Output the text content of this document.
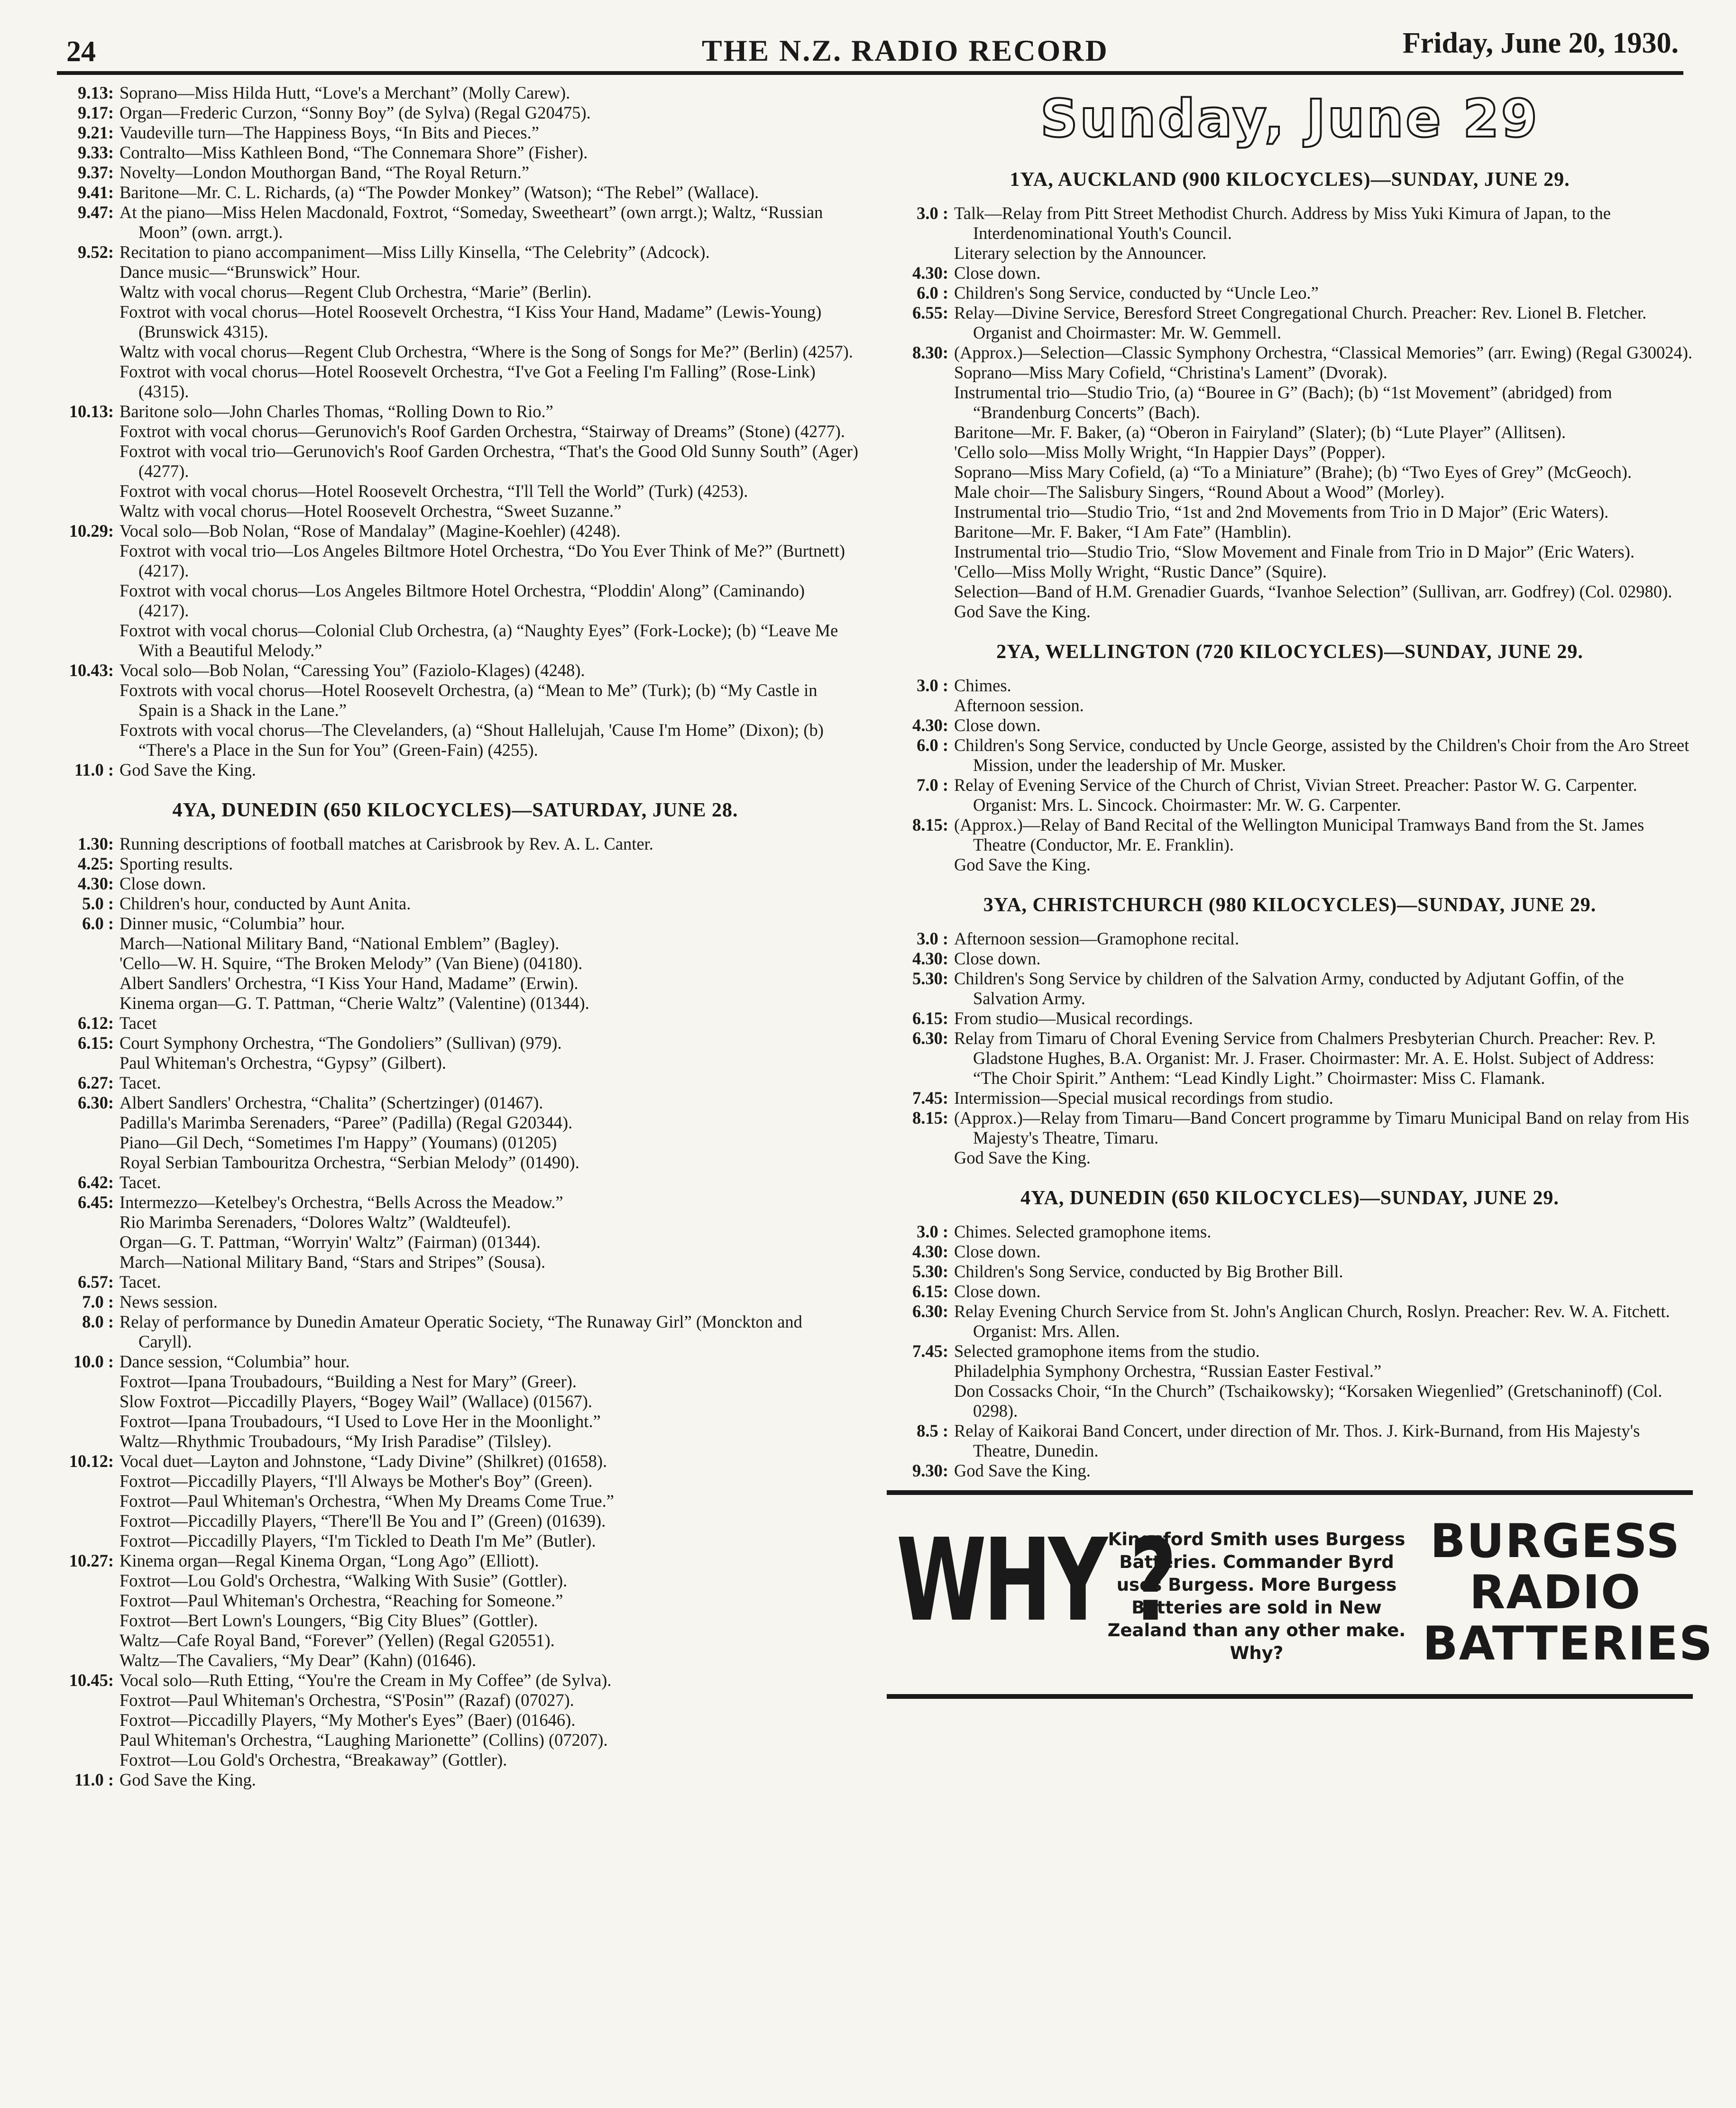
24	THE N.Z. RADIO RECORD	Friday, June 20, 1930.
9.13: Soprano—Miss Hilda Hutt, “Love's a Merchant” (Molly Carew).
9.17: Organ—Frederic Curzon, “Sonny Boy” (de Sylva) (Regal G20475).
9.21: Vaudeville turn—The Happiness Boys, “In Bits and Pieces.”
9.33: Contralto—Miss Kathleen Bond, “The Connemara Shore” (Fisher).
9.37: Novelty—London Mouthorgan Band, “The Royal Return.”
9.41: Baritone—Mr. C. L. Richards, (a) “The Powder Monkey” (Watson); “The Rebel” (Wallace).
9.47: At the piano—Miss Helen Macdonald, Foxtrot, “Someday, Sweetheart” (own arrgt.); Waltz, “Russian Moon” (own. arrgt.).
9.52: Recitation to piano accompaniment—Miss Lilly Kinsella, “The Celebrity” (Adcock).
Dance music—“Brunswick” Hour.
Waltz with vocal chorus—Regent Club Orchestra, “Marie” (Berlin).
Foxtrot with vocal chorus—Hotel Roosevelt Orchestra, “I Kiss Your Hand, Madame” (Lewis-Young) (Brunswick 4315).
Waltz with vocal chorus—Regent Club Orchestra, “Where is the Song of Songs for Me?” (Berlin) (4257).
Foxtrot with vocal chorus—Hotel Roosevelt Orchestra, “I've Got a Feeling I'm Falling” (Rose-Link) (4315).
10.13: Baritone solo—John Charles Thomas, “Rolling Down to Rio.”
Foxtrot with vocal chorus—Gerunovich's Roof Garden Orchestra, “Stairway of Dreams” (Stone) (4277).
Foxtrot with vocal trio—Gerunovich's Roof Garden Orchestra, “That's the Good Old Sunny South” (Ager) (4277).
Foxtrot with vocal chorus—Hotel Roosevelt Orchestra, “I'll Tell the World” (Turk) (4253).
Waltz with vocal chorus—Hotel Roosevelt Orchestra, “Sweet Suzanne.”
10.29: Vocal solo—Bob Nolan, “Rose of Mandalay” (Magine-Koehler) (4248).
Foxtrot with vocal trio—Los Angeles Biltmore Hotel Orchestra, “Do You Ever Think of Me?” (Burtnett) (4217).
Foxtrot with vocal chorus—Los Angeles Biltmore Hotel Orchestra, “Ploddin' Along” (Caminando) (4217).
Foxtrot with vocal chorus—Colonial Club Orchestra, (a) “Naughty Eyes” (Fork-Locke); (b) “Leave Me With a Beautiful Melody.”
10.43: Vocal solo—Bob Nolan, “Caressing You” (Faziolo-Klages) (4248).
Foxtrots with vocal chorus—Hotel Roosevelt Orchestra, (a) “Mean to Me” (Turk); (b) “My Castle in Spain is a Shack in the Lane.”
Foxtrots with vocal chorus—The Clevelanders, (a) “Shout Hallelujah, 'Cause I'm Home” (Dixon); (b) “There's a Place in the Sun for You” (Green-Fain) (4255).
11.0 : God Save the King.
4YA, DUNEDIN (650 KILOCYCLES)—SATURDAY, JUNE 28.
1.30: Running descriptions of football matches at Carisbrook by Rev. A. L. Canter.
4.25: Sporting results.
4.30: Close down.
5.0 : Children's hour, conducted by Aunt Anita.
6.0 : Dinner music, “Columbia” hour.
March—National Military Band, “National Emblem” (Bagley).
'Cello—W. H. Squire, “The Broken Melody” (Van Biene) (04180).
Albert Sandlers' Orchestra, “I Kiss Your Hand, Madame” (Erwin).
Kinema organ—G. T. Pattman, “Cherie Waltz” (Valentine) (01344).
6.12: Tacet
6.15: Court Symphony Orchestra, “The Gondoliers” (Sullivan) (979).
Paul Whiteman's Orchestra, “Gypsy” (Gilbert).
6.27: Tacet.
6.30: Albert Sandlers' Orchestra, “Chalita” (Schertzinger) (01467).
Padilla's Marimba Serenaders, “Paree” (Padilla) (Regal G20344).
Piano—Gil Dech, “Sometimes I'm Happy” (Youmans) (01205)
Royal Serbian Tambouritza Orchestra, “Serbian Melody” (01490).
6.42: Tacet.
6.45: Intermezzo—Ketelbey's Orchestra, “Bells Across the Meadow.”
Rio Marimba Serenaders, “Dolores Waltz” (Waldteufel).
Organ—G. T. Pattman, “Worryin' Waltz” (Fairman) (01344).
March—National Military Band, “Stars and Stripes” (Sousa).
6.57: Tacet.
7.0 : News session.
8.0 : Relay of performance by Dunedin Amateur Operatic Society, “The Runaway Girl” (Monckton and Caryll).
10.0 : Dance session, “Columbia” hour.
Foxtrot—Ipana Troubadours, “Building a Nest for Mary” (Greer).
Slow Foxtrot—Piccadilly Players, “Bogey Wail” (Wallace) (01567).
Foxtrot—Ipana Troubadours, “I Used to Love Her in the Moonlight.”
Waltz—Rhythmic Troubadours, “My Irish Paradise” (Tilsley).
10.12: Vocal duet—Layton and Johnstone, “Lady Divine” (Shilkret) (01658).
Foxtrot—Piccadilly Players, “I'll Always be Mother's Boy” (Green).
Foxtrot—Paul Whiteman's Orchestra, “When My Dreams Come True.”
Foxtrot—Piccadilly Players, “There'll Be You and I” (Green) (01639).
Foxtrot—Piccadilly Players, “I'm Tickled to Death I'm Me” (Butler).
10.27: Kinema organ—Regal Kinema Organ, “Long Ago” (Elliott).
Foxtrot—Lou Gold's Orchestra, “Walking With Susie” (Gottler).
Foxtrot—Paul Whiteman's Orchestra, “Reaching for Someone.”
Foxtrot—Bert Lown's Loungers, “Big City Blues” (Gottler).
Waltz—Cafe Royal Band, “Forever” (Yellen) (Regal G20551).
Waltz—The Cavaliers, “My Dear” (Kahn) (01646).
10.45: Vocal solo—Ruth Etting, “You're the Cream in My Coffee” (de Sylva).
Foxtrot—Paul Whiteman's Orchestra, “S'Posin'” (Razaf) (07027).
Foxtrot—Piccadilly Players, “My Mother's Eyes” (Baer) (01646).
Paul Whiteman's Orchestra, “Laughing Marionette” (Collins) (07207).
Foxtrot—Lou Gold's Orchestra, “Breakaway” (Gottler).
11.0 : God Save the King.
Sunday, June 29
1YA, AUCKLAND (900 KILOCYCLES)—SUNDAY, JUNE 29.
3.0 : Talk—Relay from Pitt Street Methodist Church. Address by Miss Yuki Kimura of Japan, to the Interdenominational Youth's Council.
Literary selection by the Announcer.
4.30: Close down.
6.0 : Children's Song Service, conducted by “Uncle Leo.”
6.55: Relay—Divine Service, Beresford Street Congregational Church. Preacher: Rev. Lionel B. Fletcher. Organist and Choirmaster: Mr. W. Gemmell.
8.30: (Approx.)—Selection—Classic Symphony Orchestra, “Classical Memories” (arr. Ewing) (Regal G30024).
Soprano—Miss Mary Cofield, “Christina's Lament” (Dvorak).
Instrumental trio—Studio Trio, (a) “Bouree in G” (Bach); (b) “1st Movement” (abridged) from “Brandenburg Concerts” (Bach).
Baritone—Mr. F. Baker, (a) “Oberon in Fairyland” (Slater); (b) “Lute Player” (Allitsen).
'Cello solo—Miss Molly Wright, “In Happier Days” (Popper).
Soprano—Miss Mary Cofield, (a) “To a Miniature” (Brahe); (b) “Two Eyes of Grey” (McGeoch).
Male choir—The Salisbury Singers, “Round About a Wood” (Morley).
Instrumental trio—Studio Trio, “1st and 2nd Movements from Trio in D Major” (Eric Waters).
Baritone—Mr. F. Baker, “I Am Fate” (Hamblin).
Instrumental trio—Studio Trio, “Slow Movement and Finale from Trio in D Major” (Eric Waters).
'Cello—Miss Molly Wright, “Rustic Dance” (Squire).
Selection—Band of H.M. Grenadier Guards, “Ivanhoe Selection” (Sullivan, arr. Godfrey) (Col. 02980).
God Save the King.
2YA, WELLINGTON (720 KILOCYCLES)—SUNDAY, JUNE 29.
3.0 : Chimes.
Afternoon session.
4.30: Close down.
6.0 : Children's Song Service, conducted by Uncle George, assisted by the Children's Choir from the Aro Street Mission, under the leadership of Mr. Musker.
7.0 : Relay of Evening Service of the Church of Christ, Vivian Street. Preacher: Pastor W. G. Carpenter. Organist: Mrs. L. Sincock. Choirmaster: Mr. W. G. Carpenter.
8.15: (Approx.)—Relay of Band Recital of the Wellington Municipal Tramways Band from the St. James Theatre (Conductor, Mr. E. Franklin).
God Save the King.
3YA, CHRISTCHURCH (980 KILOCYCLES)—SUNDAY, JUNE 29.
3.0 : Afternoon session—Gramophone recital.
4.30: Close down.
5.30: Children's Song Service by children of the Salvation Army, conducted by Adjutant Goffin, of the Salvation Army.
6.15: From studio—Musical recordings.
6.30: Relay from Timaru of Choral Evening Service from Chalmers Presbyterian Church. Preacher: Rev. P. Gladstone Hughes, B.A. Organist: Mr. J. Fraser. Choirmaster: Mr. A. E. Holst. Subject of Address: “The Choir Spirit.” Anthem: “Lead Kindly Light.” Choirmaster: Miss C. Flamank.
7.45: Intermission—Special musical recordings from studio.
8.15: (Approx.)—Relay from Timaru—Band Concert programme by Timaru Municipal Band on relay from His Majesty's Theatre, Timaru.
God Save the King.
4YA, DUNEDIN (650 KILOCYCLES)—SUNDAY, JUNE 29.
3.0 : Chimes. Selected gramophone items.
4.30: Close down.
5.30: Children's Song Service, conducted by Big Brother Bill.
6.15: Close down.
6.30: Relay Evening Church Service from St. John's Anglican Church, Roslyn. Preacher: Rev. W. A. Fitchett. Organist: Mrs. Allen.
7.45: Selected gramophone items from the studio.
Philadelphia Symphony Orchestra, “Russian Easter Festival.”
Don Cossacks Choir, “In the Church” (Tschaikowsky); “Korsaken Wiegenlied” (Gretschaninoff) (Col. 0298).
8.5 : Relay of Kaikorai Band Concert, under direction of Mr. Thos. J. Kirk-Burnand, from His Majesty's Theatre, Dunedin.
9.30: God Save the King.
WHY ?
Kingsford Smith uses Burgess Batteries. Commander Byrd uses Burgess. More Burgess Batteries are sold in New Zealand than any other make. Why?
BURGESS
RADIO
BATTERIES
